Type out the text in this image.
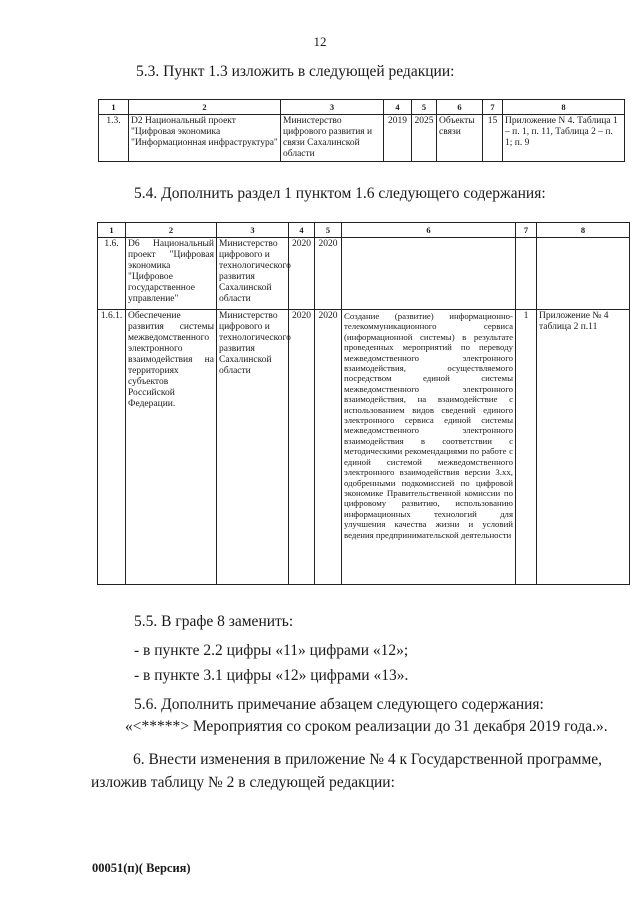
12
5.3. Пункт 1.3 изложить в следующей редакции:
1	2	3	4	5	6	7	8
1.3.	D2 Национальный проект "Цифровая экономика "Информационная инфраструктура"	Министерство цифрового развития и связи Сахалинской области	2019	2025	Объекты связи	15	Приложение N 4. Таблица 1 – п. 1, п. 11, Таблица 2 – п. 1; п. 9
5.4. Дополнить раздел 1 пунктом 1.6 следующего содержания:
1	2	3	4	5	6	7	8
1.6.	D6 Национальный проект "Цифровая экономика "Цифровое государственное управление"	Министерство цифрового и технологического развития Сахалинской области	2020	2020			
1.6.1.	Обеспечение развития системы межведомственного электронного взаимодействия на территориях субъектов Российской Федерации.	Министерство цифрового и технологического развития Сахалинской области	2020	2020	Создание (развитие) информационно-телекоммуникационного сервиса (информационной системы) в результате проведенных мероприятий по переводу межведомственного электронного взаимодействия, осуществляемого посредством единой системы межведомственного электронного взаимодействия, на взаимодействие с использованием видов сведений единого электронного сервиса единой системы межведомственного электронного взаимодействия в соответствии с методическими рекомендациями по работе с единой системой межведомственного электронного взаимодействия версии 3.хх, одобренными подкомиссией по цифровой экономике Правительственной комиссии по цифровому развитию, использованию информационных технологий для улучшения качества жизни и условий ведения предпринимательской деятельности	1	Приложение № 4 таблица 2 п.11
5.5. В графе 8 заменить:
- в пункте 2.2 цифры «11» цифрами «12»;
- в пункте 3.1 цифры «12» цифрами «13».
5.6. Дополнить примечание абзацем следующего содержания:
«<*****> Мероприятия со сроком реализации до 31 декабря 2019 года.».
6. Внести изменения в приложение № 4 к Государственной программе,
изложив таблицу № 2 в следующей редакции:
00051(п)( Версия)
